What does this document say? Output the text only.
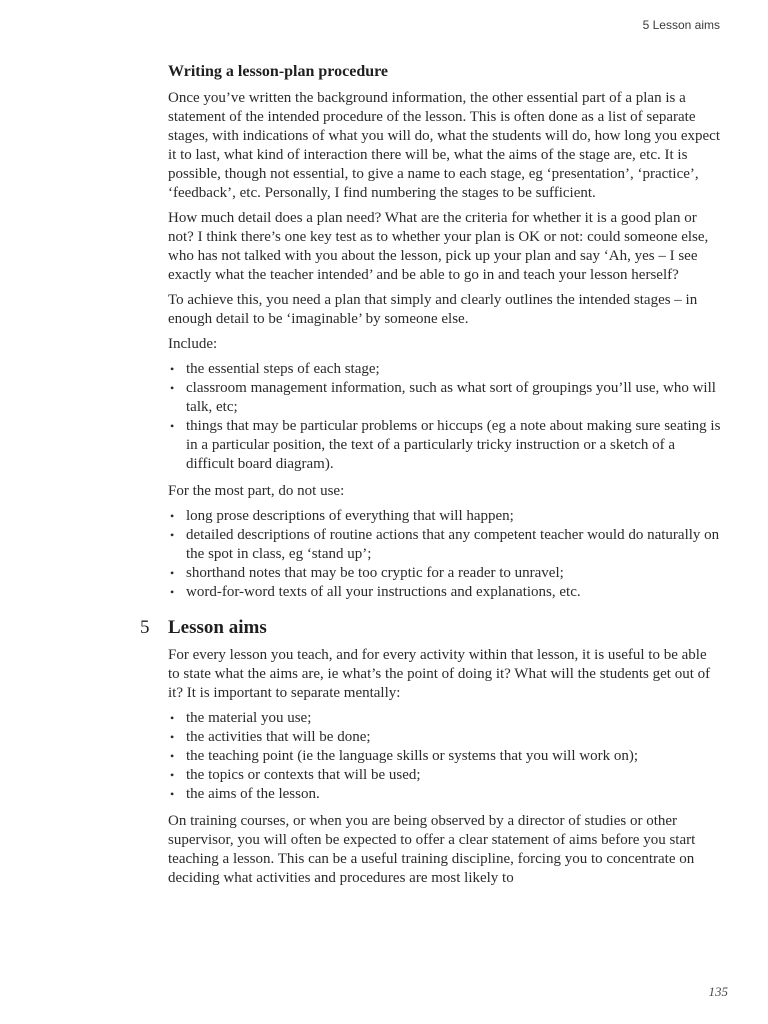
5 Lesson aims
Writing a lesson-plan procedure

Once you’ve written the background information, the other essential part of a plan is a statement of the intended procedure of the lesson. This is often done as a list of separate stages, with indications of what you will do, what the students will do, how long you expect it to last, what kind of interaction there will be, what the aims of the stage are, etc. It is possible, though not essential, to give a name to each stage, eg ‘presentation’, ‘practice’, ‘feedback’, etc. Personally, I find numbering the stages to be sufficient.

How much detail does a plan need? What are the criteria for whether it is a good plan or not? I think there’s one key test as to whether your plan is OK or not: could someone else, who has not talked with you about the lesson, pick up your plan and say ‘Ah, yes – I see exactly what the teacher intended’ and be able to go in and teach your lesson herself?

To achieve this, you need a plan that simply and clearly outlines the intended stages – in enough detail to be ‘imaginable’ by someone else.

Include:

• the essential steps of each stage;
• classroom management information, such as what sort of groupings you’ll use, who will talk, etc;
• things that may be particular problems or hiccups (eg a note about making sure seating is in a particular position, the text of a particularly tricky instruction or a sketch of a difficult board diagram).

For the most part, do not use:

• long prose descriptions of everything that will happen;
• detailed descriptions of routine actions that any competent teacher would do naturally on the spot in class, eg ‘stand up’;
• shorthand notes that may be too cryptic for a reader to unravel;
• word-for-word texts of all your instructions and explanations, etc.
5 Lesson aims

For every lesson you teach, and for every activity within that lesson, it is useful to be able to state what the aims are, ie what’s the point of doing it? What will the students get out of it? It is important to separate mentally:

• the material you use;
• the activities that will be done;
• the teaching point (ie the language skills or systems that you will work on);
• the topics or contexts that will be used;
• the aims of the lesson.

On training courses, or when you are being observed by a director of studies or other supervisor, you will often be expected to offer a clear statement of aims before you start teaching a lesson. This can be a useful training discipline, forcing you to concentrate on deciding what activities and procedures are most likely to

135
